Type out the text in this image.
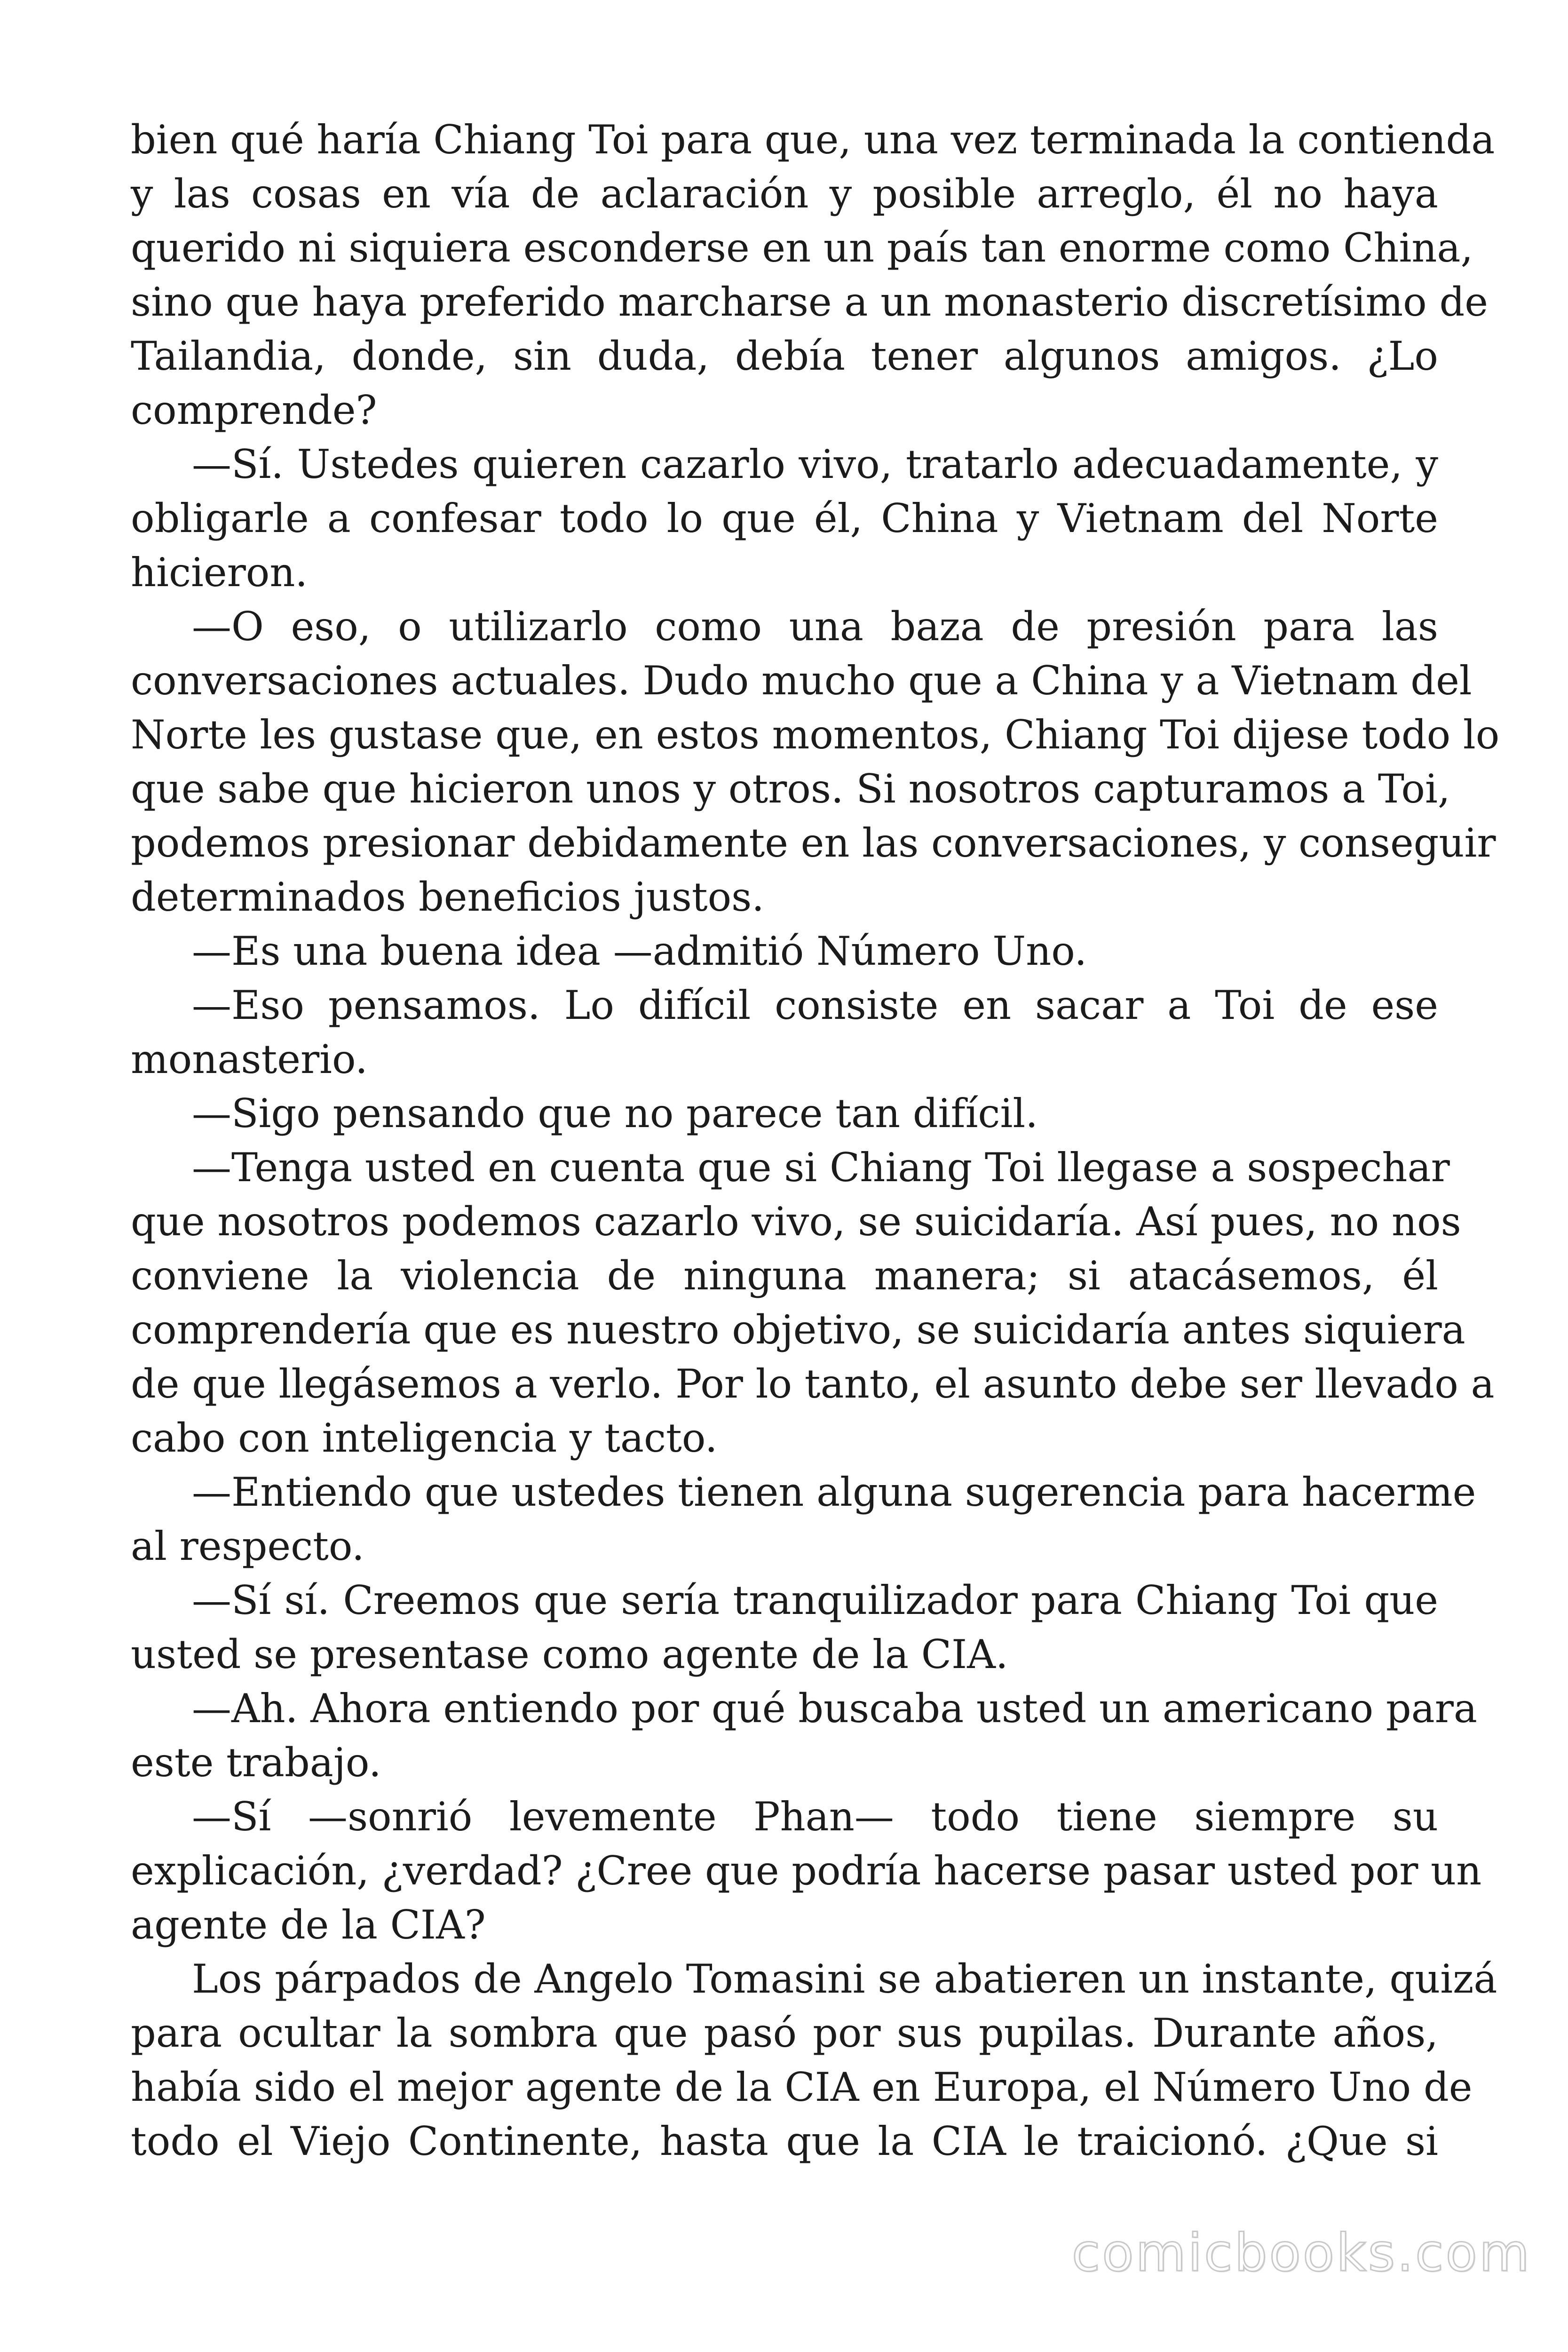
bien qué haría Chiang Toi para que, una vez terminada la contienda

y las cosas en vía de aclaración y posible arreglo, él no haya

querido ni siquiera esconderse en un país tan enorme como China,

sino que haya preferido marcharse a un monasterio discretísimo de

Tailandia, donde, sin duda, debía tener algunos amigos. ¿Lo

comprende?

—Sí. Ustedes quieren cazarlo vivo, tratarlo adecuadamente, y

obligarle a confesar todo lo que él, China y Vietnam del Norte

hicieron.

—O eso, o utilizarlo como una baza de presión para las

conversaciones actuales. Dudo mucho que a China y a Vietnam del

Norte les gustase que, en estos momentos, Chiang Toi dijese todo lo

que sabe que hicieron unos y otros. Si nosotros capturamos a Toi,

podemos presionar debidamente en las conversaciones, y conseguir

determinados beneficios justos.

—Es una buena idea —admitió Número Uno.

—Eso pensamos. Lo difícil consiste en sacar a Toi de ese

monasterio.

—Sigo pensando que no parece tan difícil.

—Tenga usted en cuenta que si Chiang Toi llegase a sospechar

que nosotros podemos cazarlo vivo, se suicidaría. Así pues, no nos

conviene la violencia de ninguna manera; si atacásemos, él

comprendería que es nuestro objetivo, se suicidaría antes siquiera

de que llegásemos a verlo. Por lo tanto, el asunto debe ser llevado a

cabo con inteligencia y tacto.

—Entiendo que ustedes tienen alguna sugerencia para hacerme

al respecto.

—Sí sí. Creemos que sería tranquilizador para Chiang Toi que

usted se presentase como agente de la CIA.

—Ah. Ahora entiendo por qué buscaba usted un americano para

este trabajo.

—Sí —sonrió levemente Phan— todo tiene siempre su

explicación, ¿verdad? ¿Cree que podría hacerse pasar usted por un

agente de la CIA?

Los párpados de Angelo Tomasini se abatieren un instante, quizá

para ocultar la sombra que pasó por sus pupilas. Durante años,

había sido el mejor agente de la CIA en Europa, el Número Uno de

todo el Viejo Continente, hasta que la CIA le traicionó. ¿Que si

comicbooks.com
